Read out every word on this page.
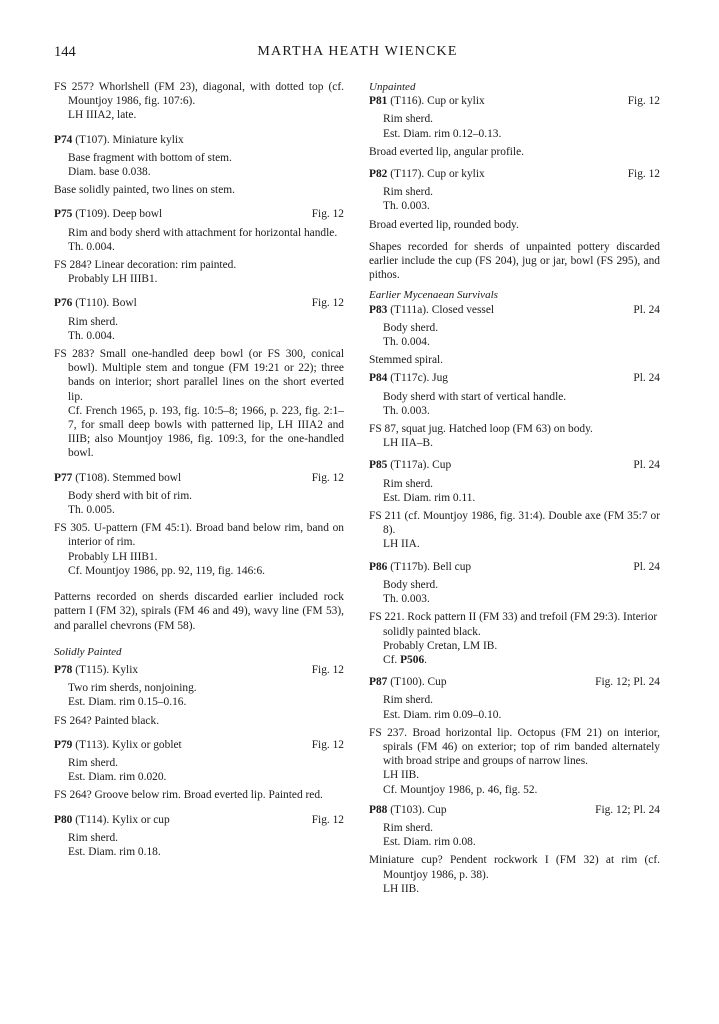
144	MARTHA HEATH WIENCKE

FS 257? Whorlshell (FM 23), diagonal, with dotted top (cf. Mountjoy 1986, fig. 107:6).

LH IIIA2, late.

P74 (T107). Miniature kylix

Base fragment with bottom of stem.

Diam. base 0.038.

Base solidly painted, two lines on stem.

P75 (T109). Deep bowl	Fig. 12

Rim and body sherd with attachment for horizontal handle.

Th. 0.004.

FS 284? Linear decoration: rim painted.

Probably LH IIIB1.

P76 (T110). Bowl	Fig. 12

Rim sherd.

Th. 0.004.

FS 283? Small one-handled deep bowl (or FS 300, conical bowl). Multiple stem and tongue (FM 19:21 or 22); three bands on interior; short parallel lines on the short everted lip.

Cf. French 1965, p. 193, fig. 10:5–8; 1966, p. 223, fig. 2:1–7, for small deep bowls with patterned lip, LH IIIA2 and IIIB; also Mountjoy 1986, fig. 109:3, for the one-handled bowl.

P77 (T108). Stemmed bowl	Fig. 12

Body sherd with bit of rim.

Th. 0.005.

FS 305. U-pattern (FM 45:1). Broad band below rim, band on interior of rim.

Probably LH IIIB1.

Cf. Mountjoy 1986, pp. 92, 119, fig. 146:6.

Patterns recorded on sherds discarded earlier included rock pattern I (FM 32), spirals (FM 46 and 49), wavy line (FM 53), and parallel chevrons (FM 58).

Solidly Painted

P78 (T115). Kylix	Fig. 12

Two rim sherds, nonjoining.

Est. Diam. rim 0.15–0.16.

FS 264? Painted black.

P79 (T113). Kylix or goblet	Fig. 12

Rim sherd.

Est. Diam. rim 0.020.

FS 264? Groove below rim. Broad everted lip. Painted red.

P80 (T114). Kylix or cup	Fig. 12

Rim sherd.

Est. Diam. rim 0.18.

Unpainted

P81 (T116). Cup or kylix	Fig. 12

Rim sherd.

Est. Diam. rim 0.12–0.13.

Broad everted lip, angular profile.

P82 (T117). Cup or kylix	Fig. 12

Rim sherd.

Th. 0.003.

Broad everted lip, rounded body.

Shapes recorded for sherds of unpainted pottery discarded earlier include the cup (FS 204), jug or jar, bowl (FS 295), and pithos.

Earlier Mycenaean Survivals

P83 (T111a). Closed vessel	Pl. 24

Body sherd.

Th. 0.004.

Stemmed spiral.

P84 (T117c). Jug	Pl. 24

Body sherd with start of vertical handle.

Th. 0.003.

FS 87, squat jug. Hatched loop (FM 63) on body.

LH IIA–B.

P85 (T117a). Cup	Pl. 24

Rim sherd.

Est. Diam. rim 0.11.

FS 211 (cf. Mountjoy 1986, fig. 31:4). Double axe (FM 35:7 or 8).

LH IIA.

P86 (T117b). Bell cup	Pl. 24

Body sherd.

Th. 0.003.

FS 221. Rock pattern II (FM 33) and trefoil (FM 29:3). Interior solidly painted black.

Probably Cretan, LM IB.

Cf. P506.

P87 (T100). Cup	Fig. 12; Pl. 24

Rim sherd.

Est. Diam. rim 0.09–0.10.

FS 237. Broad horizontal lip. Octopus (FM 21) on interior, spirals (FM 46) on exterior; top of rim banded alternately with broad stripe and groups of narrow lines.

LH IIB.

Cf. Mountjoy 1986, p. 46, fig. 52.

P88 (T103). Cup	Fig. 12; Pl. 24

Rim sherd.

Est. Diam. rim 0.08.

Miniature cup? Pendent rockwork I (FM 32) at rim (cf. Mountjoy 1986, p. 38).

LH IIB.
